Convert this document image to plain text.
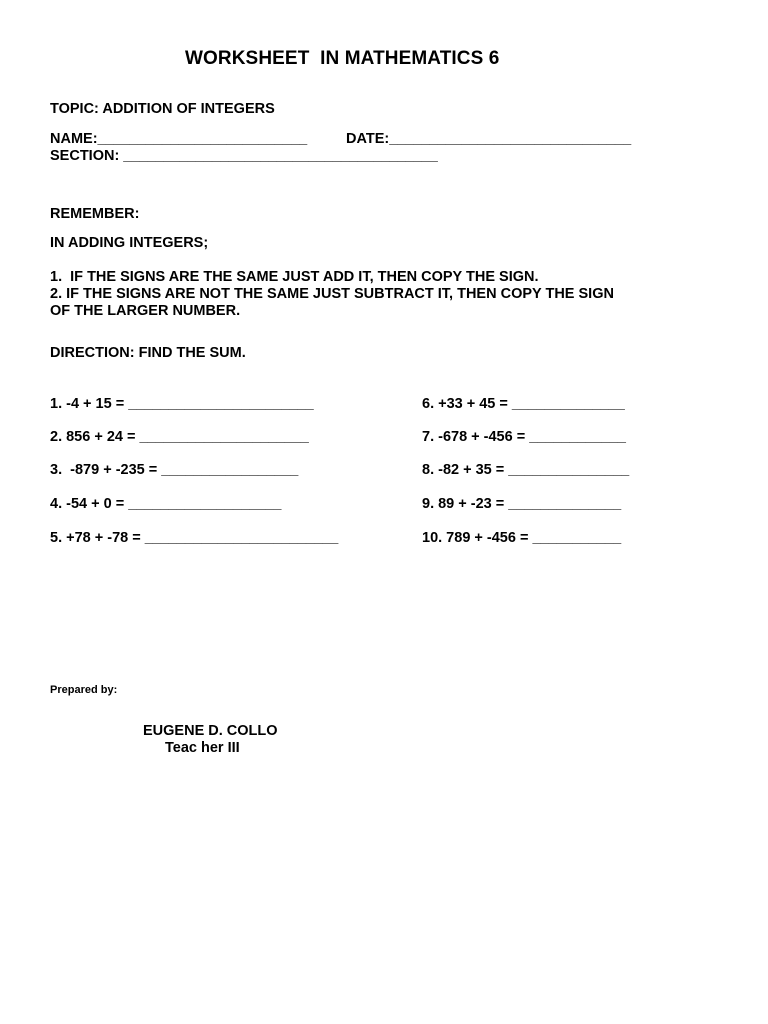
WORKSHEET  IN MATHEMATICS 6
TOPIC: ADDITION OF INTEGERS
NAME:__________________________	DATE:______________________________
SECTION: _______________________________________
REMEMBER:
IN ADDING INTEGERS;
1.  IF THE SIGNS ARE THE SAME JUST ADD IT, THEN COPY THE SIGN.
2. IF THE SIGNS ARE NOT THE SAME JUST SUBTRACT IT, THEN COPY THE SIGN
OF THE LARGER NUMBER.
DIRECTION: FIND THE SUM.
1. -4 + 15 = _______________________
2. 856 + 24 = _____________________
3.  -879 + -235 = _________________
4. -54 + 0 = ___________________
5. +78 + -78 = ________________________
6. +33 + 45 = ______________
7. -678 + -456 = ____________
8. -82 + 35 = _______________
9. 89 + -23 = ______________
10. 789 + -456 = ___________
Prepared by:
EUGENE D. COLLO
Teac her III
